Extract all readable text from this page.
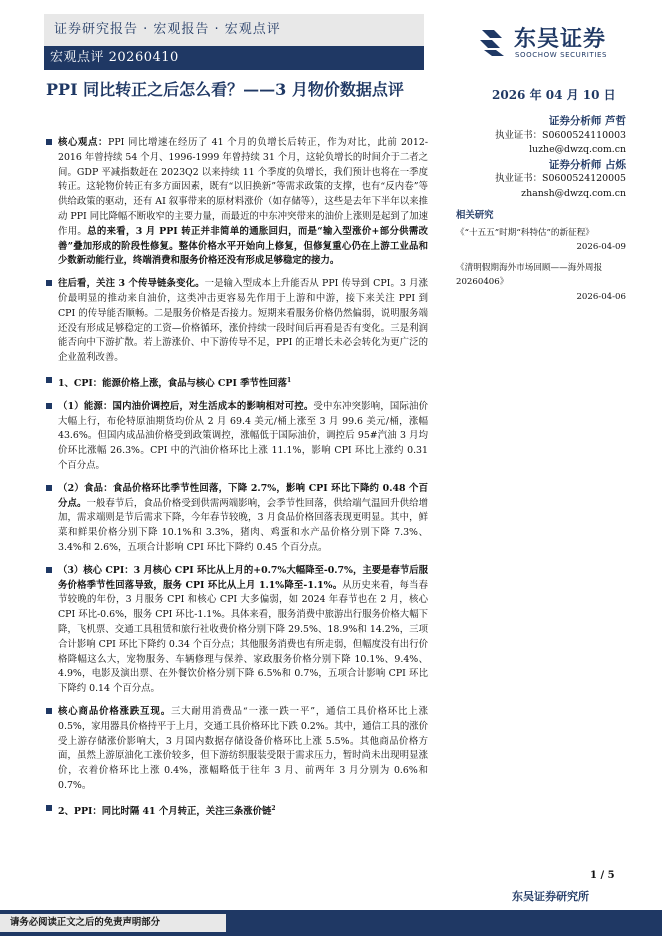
证券研究报告 · 宏观报告 · 宏观点评
宏观点评 20260410
东吴证券
SOOCHOW SECURITIES
PPI 同比转正之后怎么看？——3 月物价数据点评	2026 年 04 月 10 日
核心观点：PPI 同比增速在经历了 41 个月的负增长后转正，作为对比，此前 2012-2016 年曾持续 54 个月、1996-1999 年曾持续 31 个月，这轮负增长的时间介于二者之间。GDP 平减指数赶在 2023Q2 以来持续 11 个季度的负增长，我们预计也将在一季度转正。这轮物价转正有多方面因素，既有“以旧换新”等需求政策的支撑，也有“反内卷”等供给政策的驱动，还有 AI 叙事带来的原材料涨价（如存储等），这些是去年下半年以来推动 PPI 同比降幅不断收窄的主要力量，而最近的中东冲突带来的油价上涨则是起到了加速作用。总的来看，3 月 PPI 转正并非简单的通胀回归，而是“输入型涨价+部分供需改善”叠加形成的阶段性修复。整体价格水平开始向上修复，但修复重心仍在上游工业品和少数新动能行业，终端消费和服务价格还没有形成足够稳定的接力。
往后看，关注 3 个传导链条变化。一是输入型成本上升能否从 PPI 传导到 CPI。3 月涨价最明显的推动来自油价，这类冲击更容易先作用于上游和中游，接下来关注 PPI 到 CPI 的传导能否顺畅。二是服务价格是否接力。短期来看服务价格仍然偏弱，说明服务端还没有形成足够稳定的工资—价格循环，涨价持续一段时间后再看是否有变化。三是利润能否向中下游扩散。若上游涨价、中下游传导不足，PPI 的正增长未必会转化为更广泛的企业盈利改善。
1、CPI：能源价格上涨，食品与核心 CPI 季节性回落$^1$
（1）能源：国内油价调控后，对生活成本的影响相对可控。受中东冲突影响，国际油价大幅上行，布伦特原油期货均价从 2 月 69.4 美元/桶上涨至 3 月 99.6 美元/桶，涨幅 43.6%。但国内成品油价格受到政策调控，涨幅低于国际油价，调控后 95#汽油 3 月均价环比涨幅 26.3%。CPI 中的汽油价格环比上涨 11.1%，影响 CPI 环比上涨约 0.31 个百分点。
（2）食品：食品价格环比季节性回落，下降 2.7%，影响 CPI 环比下降约 0.48 个百分点。一般春节后，食品价格受到供需两端影响，会季节性回落，供给端气温回升供给增加，需求端则是节后需求下降，今年春节较晚，3 月食品价格回落表现更明显。其中，鲜菜和鲜果价格分别下降 10.1%和 3.3%，猪肉、鸡蛋和水产品价格分别下降 7.3%、3.4%和 2.6%，五项合计影响 CPI 环比下降约 0.45 个百分点。
（3）核心 CPI：3 月核心 CPI 环比从上月的+0.7%大幅降至-0.7%，主要是春节后服务价格季节性回落导致，服务 CPI 环比从上月 1.1%降至-1.1%。从历史来看，每当春节较晚的年份，3 月服务 CPI 和核心 CPI 大多偏弱，如 2024 年春节也在 2 月，核心 CPI 环比-0.6%，服务 CPI 环比-1.1%。具体来看，服务消费中旅游出行服务价格大幅下降，飞机票、交通工具租赁和旅行社收费价格分别下降 29.5%、18.9%和 14.2%，三项合计影响 CPI 环比下降约 0.34 个百分点；其他服务消费也有所走弱，但幅度没有出行价格降幅这么大，宠物服务、车辆修理与保养、家政服务价格分别下降 10.1%、9.4%、4.9%，电影及演出票、在外餐饮价格分别下降 6.5%和 0.7%，五项合计影响 CPI 环比下降约 0.14 个百分点。
核心商品价格涨跌互现。三大耐用消费品“一涨一跌一平”，通信工具价格环比上涨 0.5%，家用器具价格持平于上月，交通工具价格环比下跌 0.2%。其中，通信工具的涨价受上游存储涨价影响大，3 月国内数据存储设备价格环比上涨 5.5%。其他商品价格方面，虽然上游原油化工涨价较多，但下游纺织服装受限于需求压力，暂时尚未出现明显涨价，衣着价格环比上涨 0.4%，涨幅略低于往年 3 月、前两年 3 月分别为 0.6%和 0.7%。
2、PPI：同比时隔 41 个月转正，关注三条涨价链$^2$
证券分析师 芦哲
执业证书：S0600524110003
luzhe@dwzq.com.cn
证券分析师 占烁
执业证书：S0600524120005
zhansh@dwzq.com.cn
相关研究
《“十五五”时期“科特估”的新征程》
2026-04-09
《清明假期海外市场回顾——海外周报 20260406》
2026-04-06
1 / 5
东吴证券研究所
请务必阅读正文之后的免责声明部分
